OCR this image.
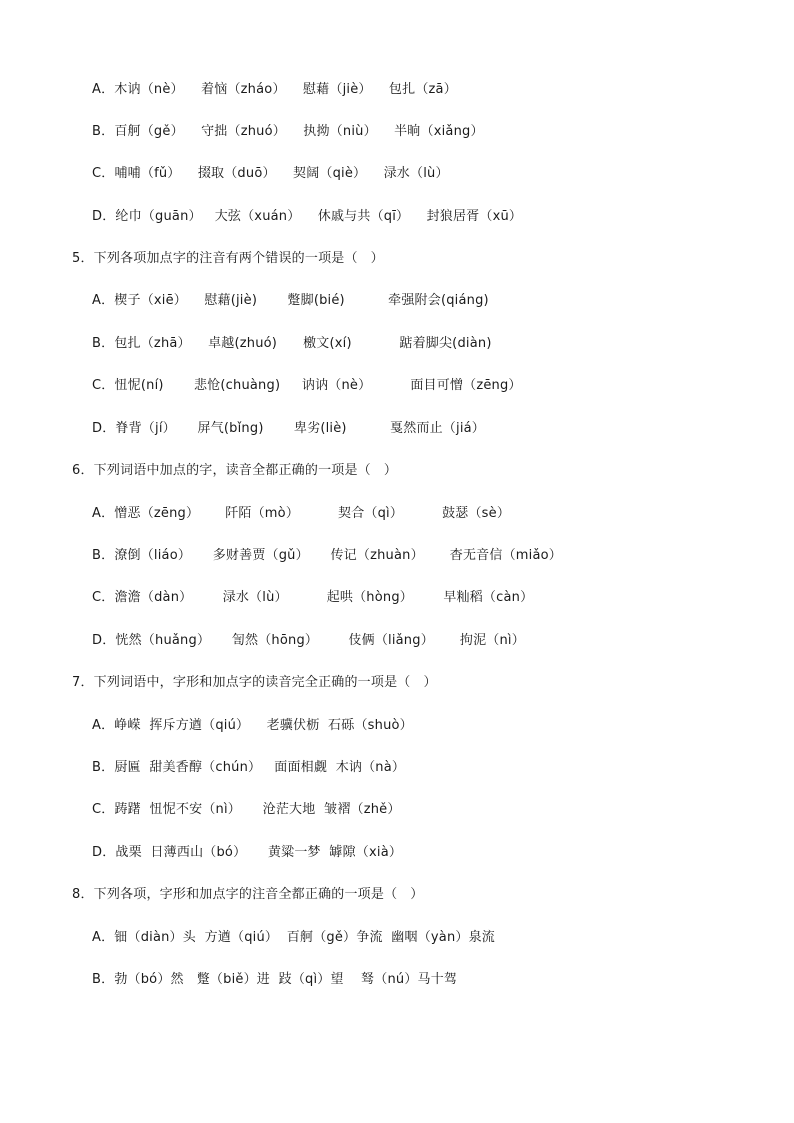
A．木讷（nè）    着恼（zháo）    慰藉（jiè）    包扎（zā）
B．百舸（gě）    守拙（zhuó）    执拗（niù）    半晌（xiǎng）
C．哺哺（fǔ）    掇取（duō）    契阔（qiè）    渌水（lù）
D．纶巾（guān）   大弦（xuán）    休戚与共（qī）    封狼居胥（xū）
5．下列各项加点字的注音有两个错误的一项是（   ）
A．楔子（xiē）    慰藉(jiè)       蹩脚(bié)          牵强附会(qiáng)
B．包扎（zhā）    卓越(zhuó)      檄文(xí)           踮着脚尖(diàn)
C．忸怩(ní)       悲怆(chuàng)     讷讷（nè）         面目可憎（zēng）
D．脊背（jí）     屏气(bǐng)       卑劣(liè)          戛然而止（jiá）
6．下列词语中加点的字，读音全都正确的一项是（   ）
A．憎恶（zēng）      阡陌（mò）         契合（qì）         鼓瑟（sè）
B．潦倒（liáo）     多财善贾（gǔ）     传记（zhuàn）      杳无音信（miǎo）
C．澹澹（dàn）       渌水（lù）         起哄（hòng）       早籼稻（càn）
D．恍然（huǎng）     訇然（hōng）       伎俩（liǎng）      拘泥（nì）
7．下列词语中，字形和加点字的读音完全正确的一项是（   ）
A．峥嵘  挥斥方遒（qiú）    老骥伏枥  石砾（shuò）
B．厨匾  甜美香醇（chún）   面面相觑  木讷（nà）
C．踌躇  忸怩不安（nì）     沧茫大地  皱褶（zhě）
D．战栗  日薄西山（bó）     黄粱一梦  罅隙（xià）
8．下列各项，字形和加点字的注音全都正确的一项是（   ）
A．钿（diàn）头  方遒（qiú）  百舸（gě）争流  幽咽（yàn）泉流
B．勃（bó）然   蹩（biě）进  跂（qì）望    驽（nú）马十驾
